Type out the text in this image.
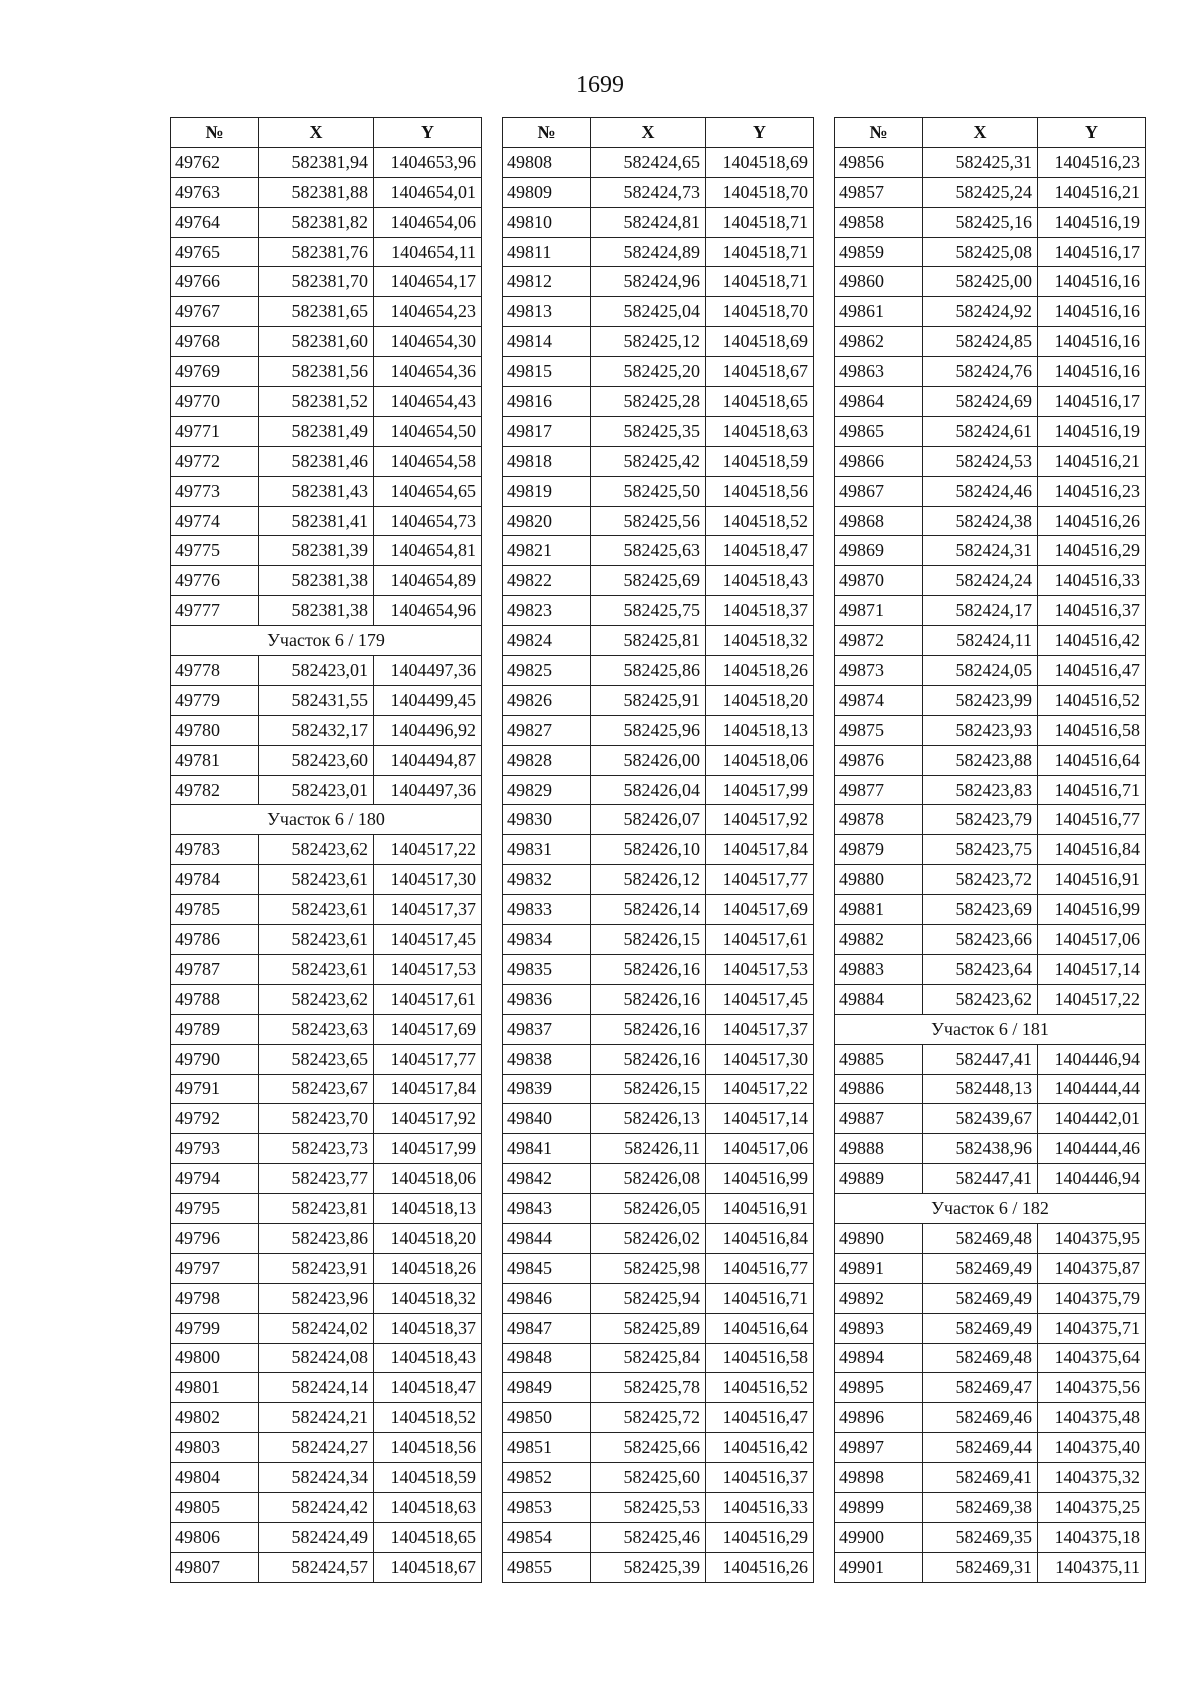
1699
№	X	Y
49762	582381,94	1404653,96
49763	582381,88	1404654,01
49764	582381,82	1404654,06
49765	582381,76	1404654,11
49766	582381,70	1404654,17
49767	582381,65	1404654,23
49768	582381,60	1404654,30
49769	582381,56	1404654,36
49770	582381,52	1404654,43
49771	582381,49	1404654,50
49772	582381,46	1404654,58
49773	582381,43	1404654,65
49774	582381,41	1404654,73
49775	582381,39	1404654,81
49776	582381,38	1404654,89
49777	582381,38	1404654,96
Участок 6 / 179		
49778	582423,01	1404497,36
49779	582431,55	1404499,45
49780	582432,17	1404496,92
49781	582423,60	1404494,87
49782	582423,01	1404497,36
Участок 6 / 180		
49783	582423,62	1404517,22
49784	582423,61	1404517,30
49785	582423,61	1404517,37
49786	582423,61	1404517,45
49787	582423,61	1404517,53
49788	582423,62	1404517,61
49789	582423,63	1404517,69
49790	582423,65	1404517,77
49791	582423,67	1404517,84
49792	582423,70	1404517,92
49793	582423,73	1404517,99
49794	582423,77	1404518,06
49795	582423,81	1404518,13
49796	582423,86	1404518,20
49797	582423,91	1404518,26
49798	582423,96	1404518,32
49799	582424,02	1404518,37
49800	582424,08	1404518,43
49801	582424,14	1404518,47
49802	582424,21	1404518,52
49803	582424,27	1404518,56
49804	582424,34	1404518,59
49805	582424,42	1404518,63
49806	582424,49	1404518,65
49807	582424,57	1404518,67
№	X	Y
49808	582424,65	1404518,69
49809	582424,73	1404518,70
49810	582424,81	1404518,71
49811	582424,89	1404518,71
49812	582424,96	1404518,71
49813	582425,04	1404518,70
49814	582425,12	1404518,69
49815	582425,20	1404518,67
49816	582425,28	1404518,65
49817	582425,35	1404518,63
49818	582425,42	1404518,59
49819	582425,50	1404518,56
49820	582425,56	1404518,52
49821	582425,63	1404518,47
49822	582425,69	1404518,43
49823	582425,75	1404518,37
49824	582425,81	1404518,32
49825	582425,86	1404518,26
49826	582425,91	1404518,20
49827	582425,96	1404518,13
49828	582426,00	1404518,06
49829	582426,04	1404517,99
49830	582426,07	1404517,92
49831	582426,10	1404517,84
49832	582426,12	1404517,77
49833	582426,14	1404517,69
49834	582426,15	1404517,61
49835	582426,16	1404517,53
49836	582426,16	1404517,45
49837	582426,16	1404517,37
49838	582426,16	1404517,30
49839	582426,15	1404517,22
49840	582426,13	1404517,14
49841	582426,11	1404517,06
49842	582426,08	1404516,99
49843	582426,05	1404516,91
49844	582426,02	1404516,84
49845	582425,98	1404516,77
49846	582425,94	1404516,71
49847	582425,89	1404516,64
49848	582425,84	1404516,58
49849	582425,78	1404516,52
49850	582425,72	1404516,47
49851	582425,66	1404516,42
49852	582425,60	1404516,37
49853	582425,53	1404516,33
49854	582425,46	1404516,29
49855	582425,39	1404516,26
№	X	Y
49856	582425,31	1404516,23
49857	582425,24	1404516,21
49858	582425,16	1404516,19
49859	582425,08	1404516,17
49860	582425,00	1404516,16
49861	582424,92	1404516,16
49862	582424,85	1404516,16
49863	582424,76	1404516,16
49864	582424,69	1404516,17
49865	582424,61	1404516,19
49866	582424,53	1404516,21
49867	582424,46	1404516,23
49868	582424,38	1404516,26
49869	582424,31	1404516,29
49870	582424,24	1404516,33
49871	582424,17	1404516,37
49872	582424,11	1404516,42
49873	582424,05	1404516,47
49874	582423,99	1404516,52
49875	582423,93	1404516,58
49876	582423,88	1404516,64
49877	582423,83	1404516,71
49878	582423,79	1404516,77
49879	582423,75	1404516,84
49880	582423,72	1404516,91
49881	582423,69	1404516,99
49882	582423,66	1404517,06
49883	582423,64	1404517,14
49884	582423,62	1404517,22
Участок 6 / 181		
49885	582447,41	1404446,94
49886	582448,13	1404444,44
49887	582439,67	1404442,01
49888	582438,96	1404444,46
49889	582447,41	1404446,94
Участок 6 / 182		
49890	582469,48	1404375,95
49891	582469,49	1404375,87
49892	582469,49	1404375,79
49893	582469,49	1404375,71
49894	582469,48	1404375,64
49895	582469,47	1404375,56
49896	582469,46	1404375,48
49897	582469,44	1404375,40
49898	582469,41	1404375,32
49899	582469,38	1404375,25
49900	582469,35	1404375,18
49901	582469,31	1404375,11
